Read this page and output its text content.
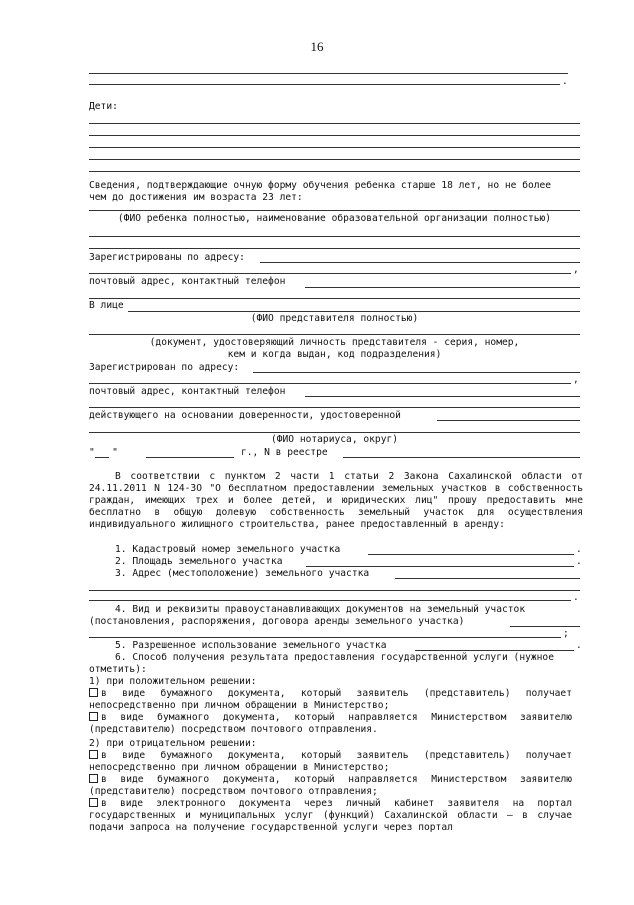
16
.
Дети:
Сведения, подтверждающие очную форму обучения ребенка старше 18 лет, но не более
чем до достижения им возраста 23 лет:
(ФИО ребенка полностью, наименование образовательной организации полностью)
Зарегистрированы по адресу:
,
почтовый адрес, контактный телефон
В лице
(ФИО представителя полностью)
(документ, удостоверяющий личность представителя - серия, номер,
кем и когда выдан, код подразделения)
Зарегистрирован по адресу:
,
почтовый адрес, контактный телефон
действующего на основании доверенности, удостоверенной
(ФИО нотариуса, округ)
"   "	г., N в реестре
В соответствии с пунктом 2 части 1 статьи 2 Закона Сахалинской области от 24.11.2011 N 124-ЗО "О бесплатном предоставлении земельных участков в собственность граждан, имеющих трех и более детей, и юридических лиц" прошу предоставить мне бесплатно в общую долевую собственность земельный участок для осуществления индивидуального жилищного строительства, ранее предоставленный в аренду:
1. Кадастровый номер земельного участка	.
2. Площадь земельного участка	.
3. Адрес (местоположение) земельного участка
.
4. Вид и реквизиты правоустанавливающих документов на земельный участок
(постановления, распоряжения, договора аренды земельного участка)
;
5. Разрешенное использование земельного участка	.
6. Способ получения результата предоставления государственной услуги (нужное
отметить):
1) при положительном решении:
в виде бумажного документа, который заявитель (представитель) получает непосредственно при личном обращении в Министерство;
в виде бумажного документа, который направляется Министерством заявителю (представителю) посредством почтового отправления.
2) при отрицательном решении:
в виде бумажного документа, который заявитель (представитель) получает непосредственно при личном обращении в Министерство;
в виде бумажного документа, который направляется Министерством заявителю (представителю) посредством почтового отправления;
в виде электронного документа через личный кабинет заявителя на портал государственных и муниципальных услуг (функций) Сахалинской области – в случае подачи запроса на получение государственной услуги через портал
